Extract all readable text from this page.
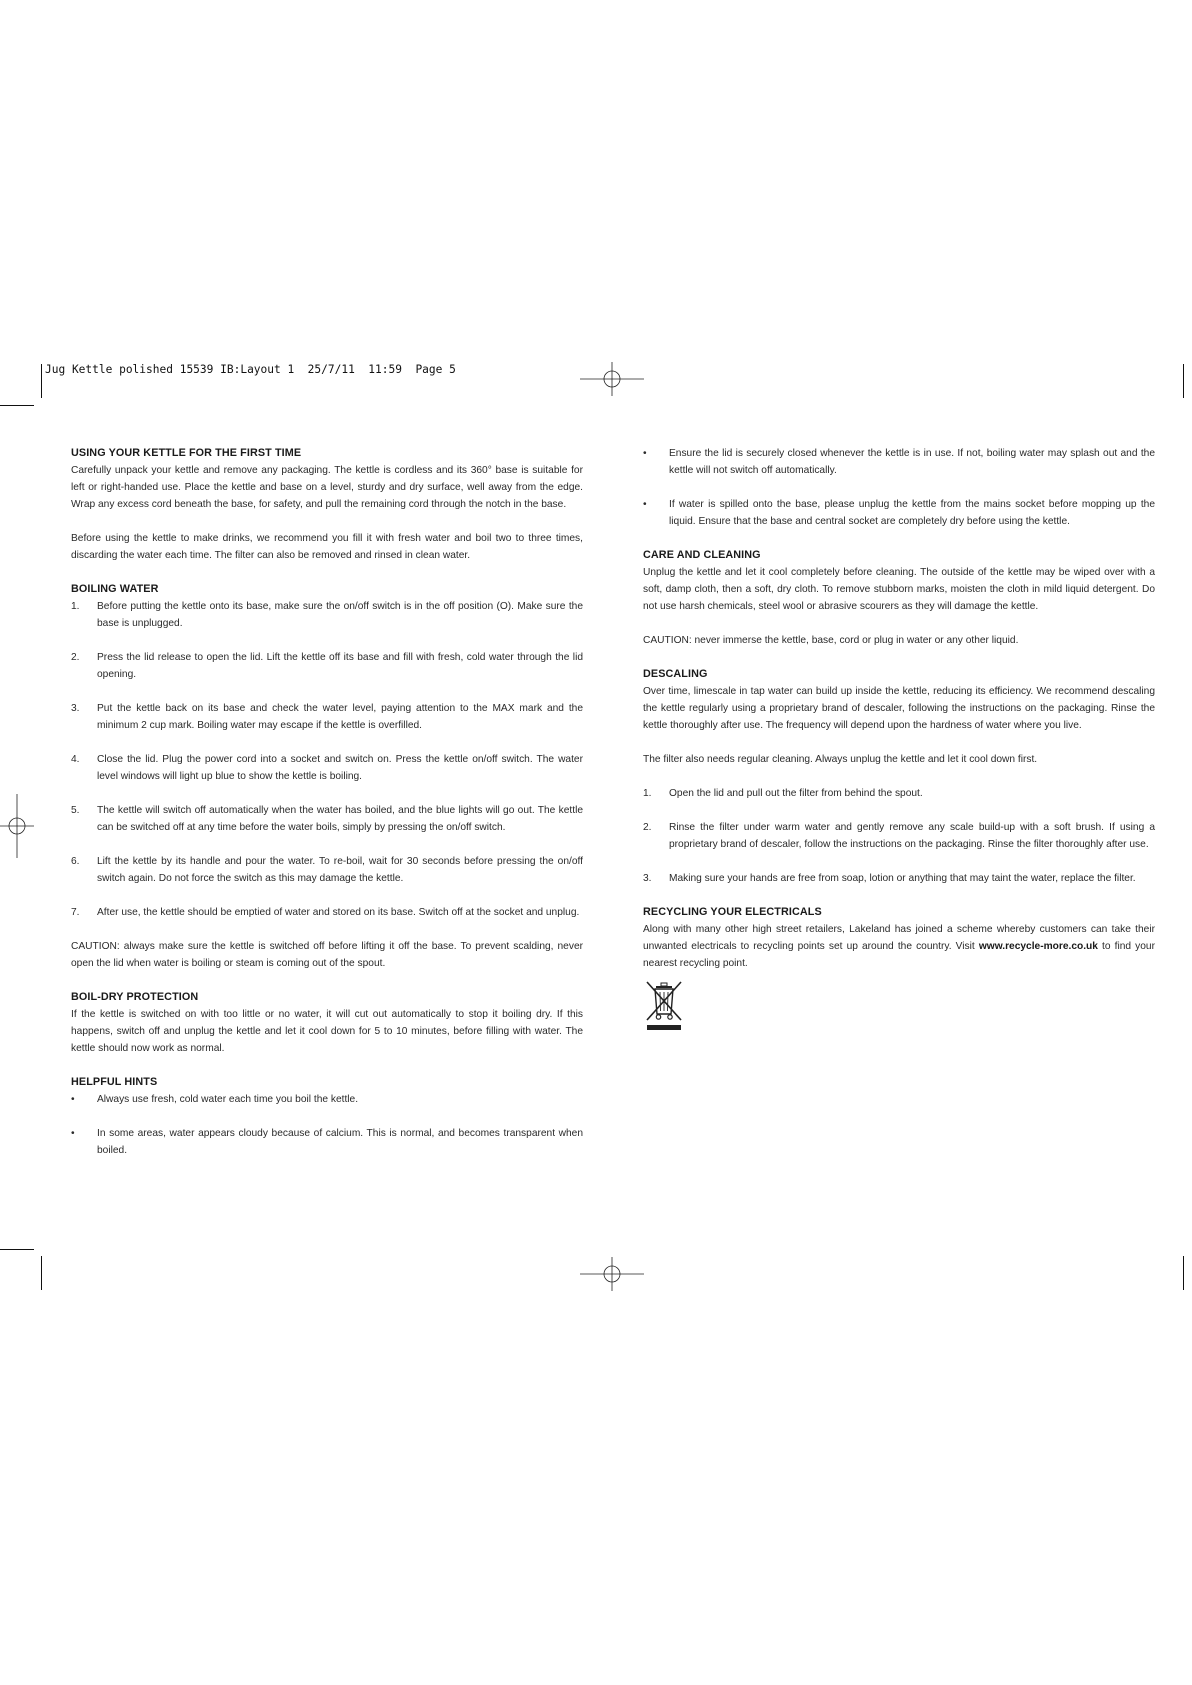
Jug Kettle polished 15539 IB:Layout 1  25/7/11  11:59  Page 5

USING YOUR KETTLE FOR THE FIRST TIME

Carefully unpack your kettle and remove any packaging. The kettle is cordless and its 360° base is suitable for left or right-handed use. Place the kettle and base on a level, sturdy and dry surface, well away from the edge. Wrap any excess cord beneath the base, for safety, and pull the remaining cord through the notch in the base.

Before using the kettle to make drinks, we recommend you fill it with fresh water and boil two to three times, discarding the water each time. The filter can also be removed and rinsed in clean water.

BOILING WATER

1.	Before putting the kettle onto its base, make sure the on/off switch is in the off position (O). Make sure the base is unplugged.
2.	Press the lid release to open the lid. Lift the kettle off its base and fill with fresh, cold water through the lid opening.
3.	Put the kettle back on its base and check the water level, paying attention to the MAX mark and the minimum 2 cup mark. Boiling water may escape if the kettle is overfilled.
4.	Close the lid. Plug the power cord into a socket and switch on. Press the kettle on/off switch. The water level windows will light up blue to show the kettle is boiling.
5.	The kettle will switch off automatically when the water has boiled, and the blue lights will go out. The kettle can be switched off at any time before the water boils, simply by pressing the on/off switch.
6.	Lift the kettle by its handle and pour the water. To re-boil, wait for 30 seconds before pressing the on/off switch again. Do not force the switch as this may damage the kettle.
7.	After use, the kettle should be emptied of water and stored on its base. Switch off at the socket and unplug.

CAUTION: always make sure the kettle is switched off before lifting it off the base. To prevent scalding, never open the lid when water is boiling or steam is coming out of the spout.

BOIL-DRY PROTECTION

If the kettle is switched on with too little or no water, it will cut out automatically to stop it boiling dry. If this happens, switch off and unplug the kettle and let it cool down for 5 to 10 minutes, before filling with water. The kettle should now work as normal.

HELPFUL HINTS

•	Always use fresh, cold water each time you boil the kettle.
•	In some areas, water appears cloudy because of calcium. This is normal, and becomes transparent when boiled.
•	Ensure the lid is securely closed whenever the kettle is in use. If not, boiling water may splash out and the kettle will not switch off automatically.
•	If water is spilled onto the base, please unplug the kettle from the mains socket before mopping up the liquid. Ensure that the base and central socket are completely dry before using the kettle.

CARE AND CLEANING

Unplug the kettle and let it cool completely before cleaning. The outside of the kettle may be wiped over with a soft, damp cloth, then a soft, dry cloth. To remove stubborn marks, moisten the cloth in mild liquid detergent. Do not use harsh chemicals, steel wool or abrasive scourers as they will damage the kettle.

CAUTION: never immerse the kettle, base, cord or plug in water or any other liquid.

DESCALING

Over time, limescale in tap water can build up inside the kettle, reducing its efficiency. We recommend descaling the kettle regularly using a proprietary brand of descaler, following the instructions on the packaging. Rinse the kettle thoroughly after use. The frequency will depend upon the hardness of water where you live.

The filter also needs regular cleaning. Always unplug the kettle and let it cool down first.

1.	Open the lid and pull out the filter from behind the spout.
2.	Rinse the filter under warm water and gently remove any scale build-up with a soft brush. If using a proprietary brand of descaler, follow the instructions on the packaging. Rinse the filter thoroughly after use.
3.	Making sure your hands are free from soap, lotion or anything that may taint the water, replace the filter.

RECYCLING YOUR ELECTRICALS

Along with many other high street retailers, Lakeland has joined a scheme whereby customers can take their unwanted electricals to recycling points set up around the country. Visit www.recycle-more.co.uk to find your nearest recycling point.
